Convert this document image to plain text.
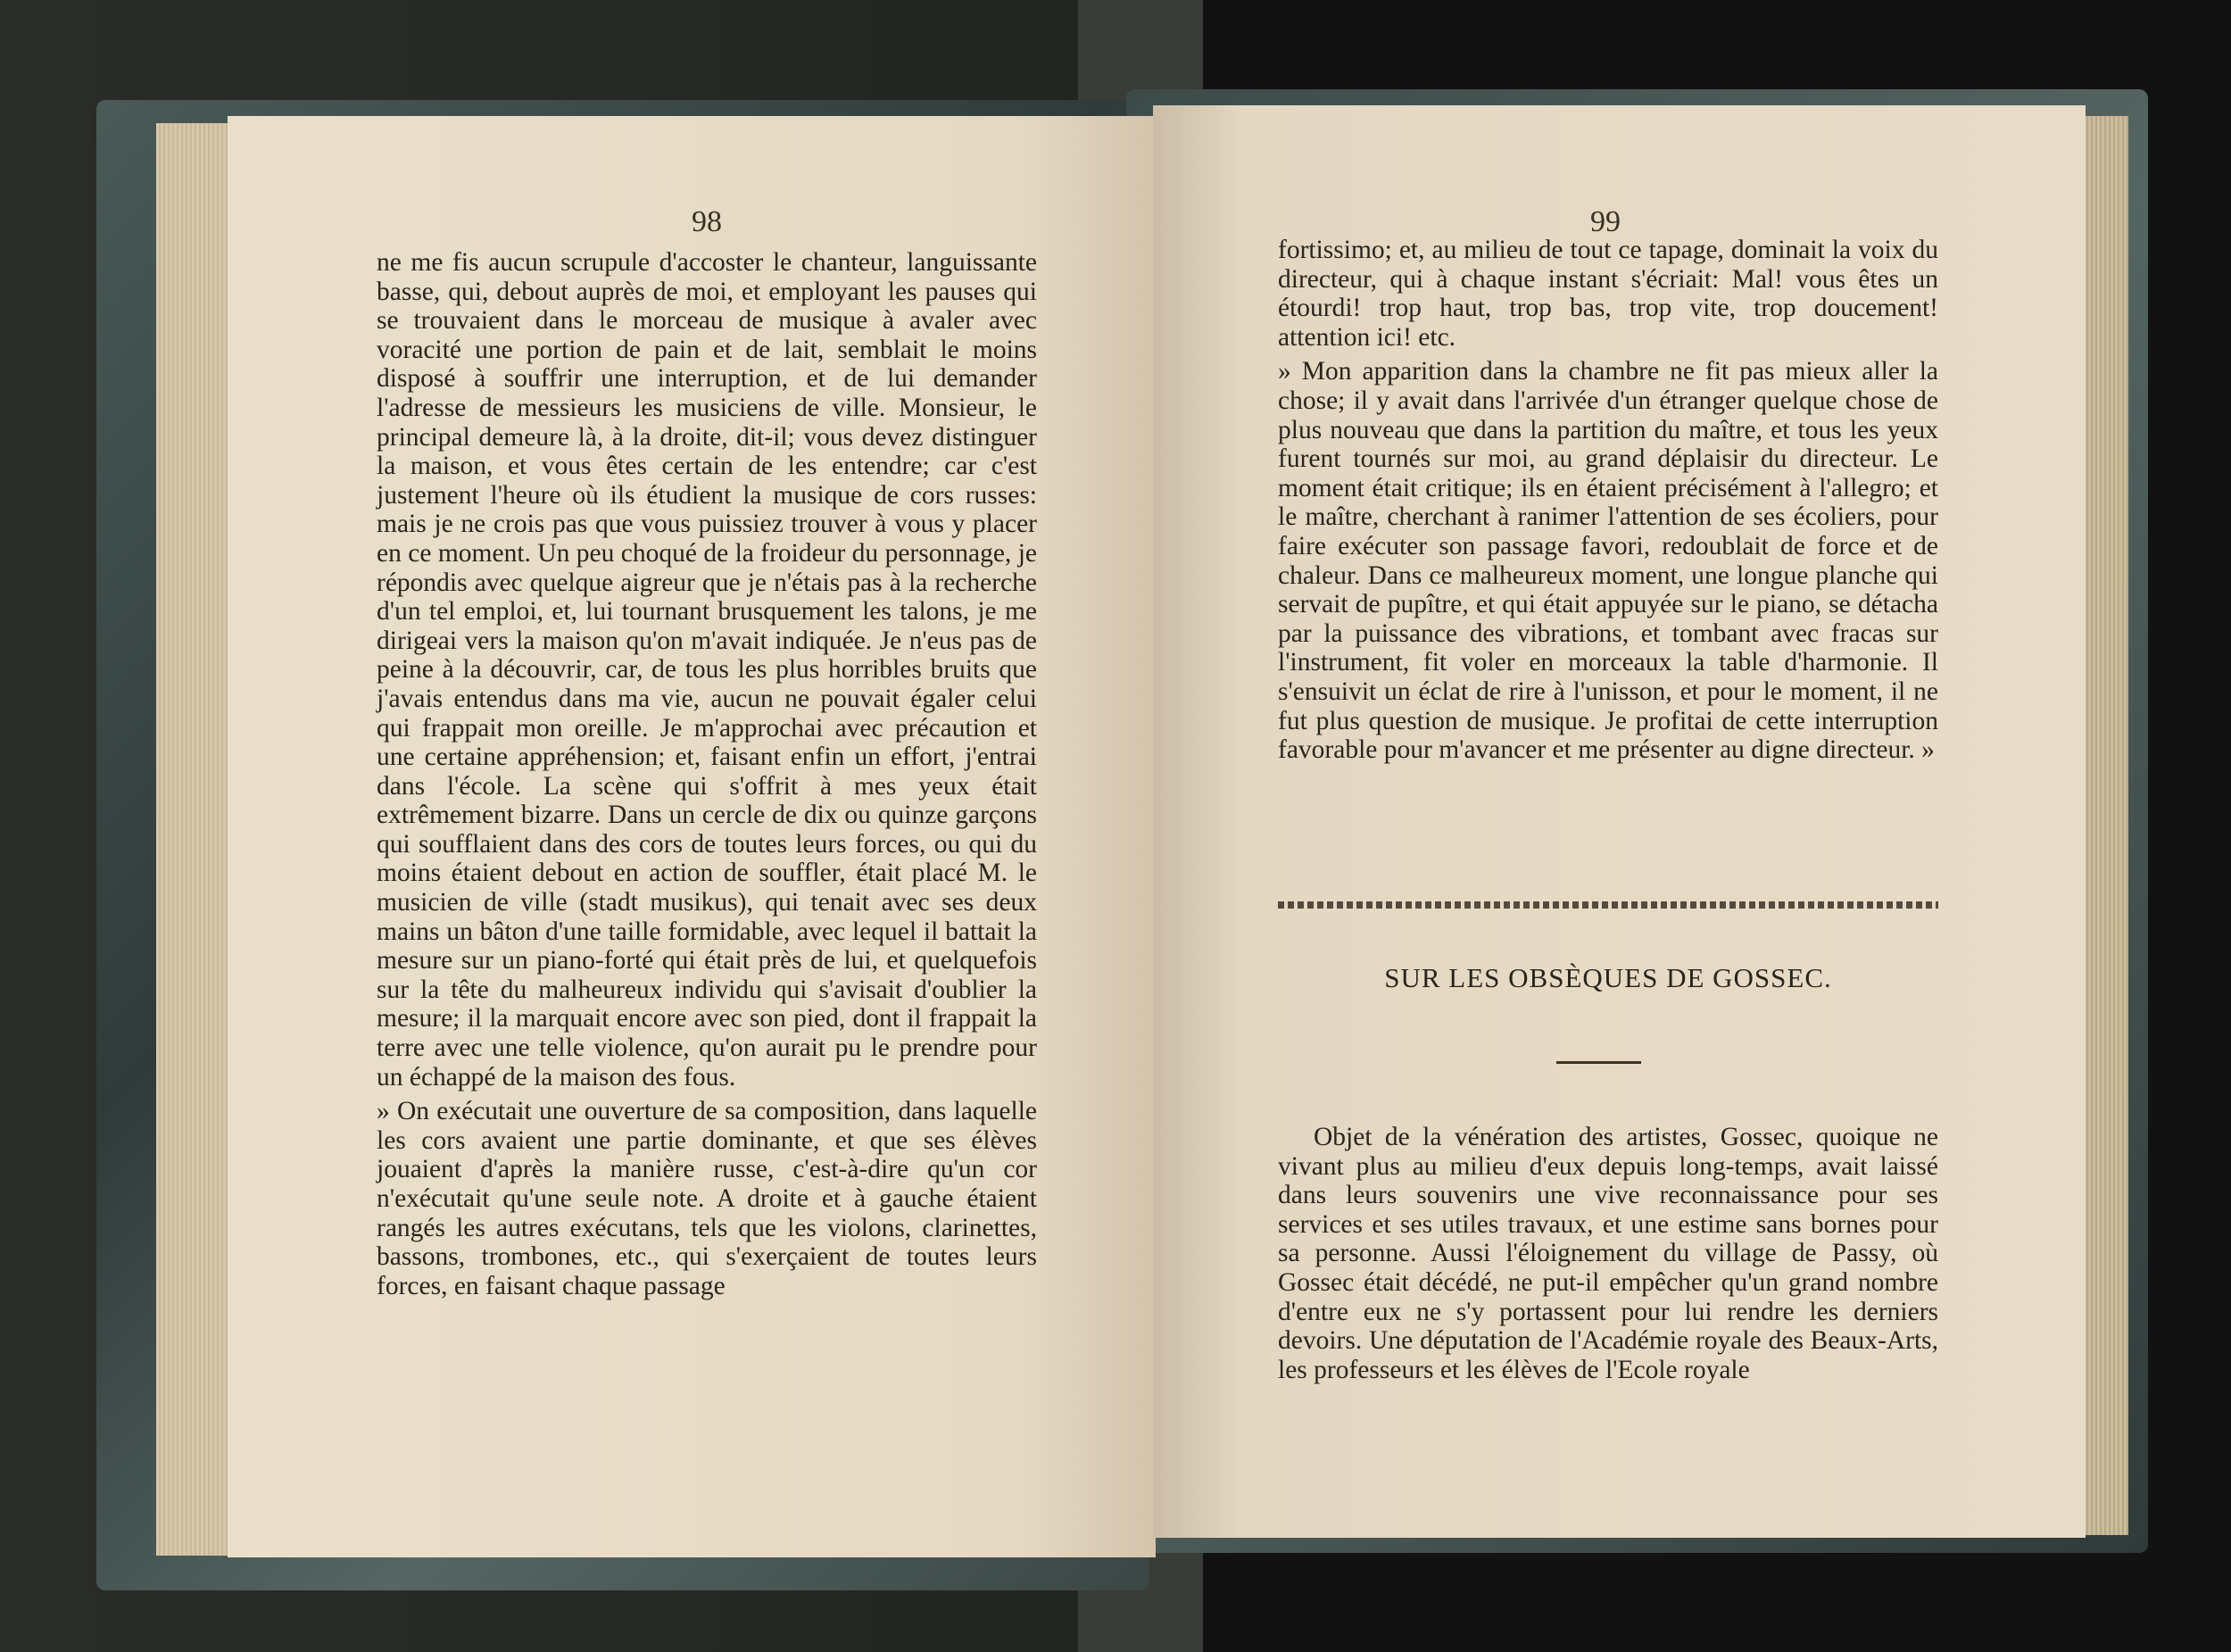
98

ne me fis aucun scrupule d'accoster le chanteur, languissante basse, qui, debout auprès de moi, et employant les pauses qui se trouvaient dans le morceau de musique à avaler avec voracité une portion de pain et de lait, semblait le moins disposé à souffrir une interruption, et de lui demander l'adresse de messieurs les musiciens de ville. Monsieur, le principal demeure là, à la droite, dit-il; vous devez distinguer la maison, et vous êtes certain de les entendre; car c'est justement l'heure où ils étudient la musique de cors russes: mais je ne crois pas que vous puissiez trouver à vous y placer en ce moment. Un peu choqué de la froideur du personnage, je répondis avec quelque aigreur que je n'étais pas à la recherche d'un tel emploi, et, lui tournant brusquement les talons, je me dirigeai vers la maison qu'on m'avait indiquée. Je n'eus pas de peine à la découvrir, car, de tous les plus horribles bruits que j'avais entendus dans ma vie, aucun ne pouvait égaler celui qui frappait mon oreille. Je m'approchai avec précaution et une certaine appréhension; et, faisant enfin un effort, j'entrai dans l'école. La scène qui s'offrit à mes yeux était extrêmement bizarre. Dans un cercle de dix ou quinze garçons qui soufflaient dans des cors de toutes leurs forces, ou qui du moins étaient debout en action de souffler, était placé M. le musicien de ville (stadt musikus), qui tenait avec ses deux mains un bâton d'une taille formidable, avec lequel il battait la mesure sur un piano-forté qui était près de lui, et quelquefois sur la tête du malheureux individu qui s'avisait d'oublier la mesure; il la marquait encore avec son pied, dont il frappait la terre avec une telle violence, qu'on aurait pu le prendre pour un échappé de la maison des fous.

» On exécutait une ouverture de sa composition, dans laquelle les cors avaient une partie dominante, et que ses élèves jouaient d'après la manière russe, c'est-à-dire qu'un cor n'exécutait qu'une seule note. A droite et à gauche étaient rangés les autres exécutans, tels que les violons, clarinettes, bassons, trombones, etc., qui s'exerçaient de toutes leurs forces, en faisant chaque passage

99

fortissimo; et, au milieu de tout ce tapage, dominait la voix du directeur, qui à chaque instant s'écriait: Mal! vous êtes un étourdi! trop haut, trop bas, trop vite, trop doucement! attention ici! etc.

» Mon apparition dans la chambre ne fit pas mieux aller la chose; il y avait dans l'arrivée d'un étranger quelque chose de plus nouveau que dans la partition du maître, et tous les yeux furent tournés sur moi, au grand déplaisir du directeur. Le moment était critique; ils en étaient précisément à l'allegro; et le maître, cherchant à ranimer l'attention de ses écoliers, pour faire exécuter son passage favori, redoublait de force et de chaleur. Dans ce malheureux moment, une longue planche qui servait de pupître, et qui était appuyée sur le piano, se détacha par la puissance des vibrations, et tombant avec fracas sur l'instrument, fit voler en morceaux la table d'harmonie. Il s'ensuivit un éclat de rire à l'unisson, et pour le moment, il ne fut plus question de musique. Je profitai de cette interruption favorable pour m'avancer et me présenter au digne directeur. »

SUR LES OBSÈQUES DE GOSSEC.

Objet de la vénération des artistes, Gossec, quoique ne vivant plus au milieu d'eux depuis long-temps, avait laissé dans leurs souvenirs une vive reconnaissance pour ses services et ses utiles travaux, et une estime sans bornes pour sa personne. Aussi l'éloignement du village de Passy, où Gossec était décédé, ne put-il empêcher qu'un grand nombre d'entre eux ne s'y portassent pour lui rendre les derniers devoirs. Une députation de l'Académie royale des Beaux-Arts, les professeurs et les élèves de l'Ecole royale
